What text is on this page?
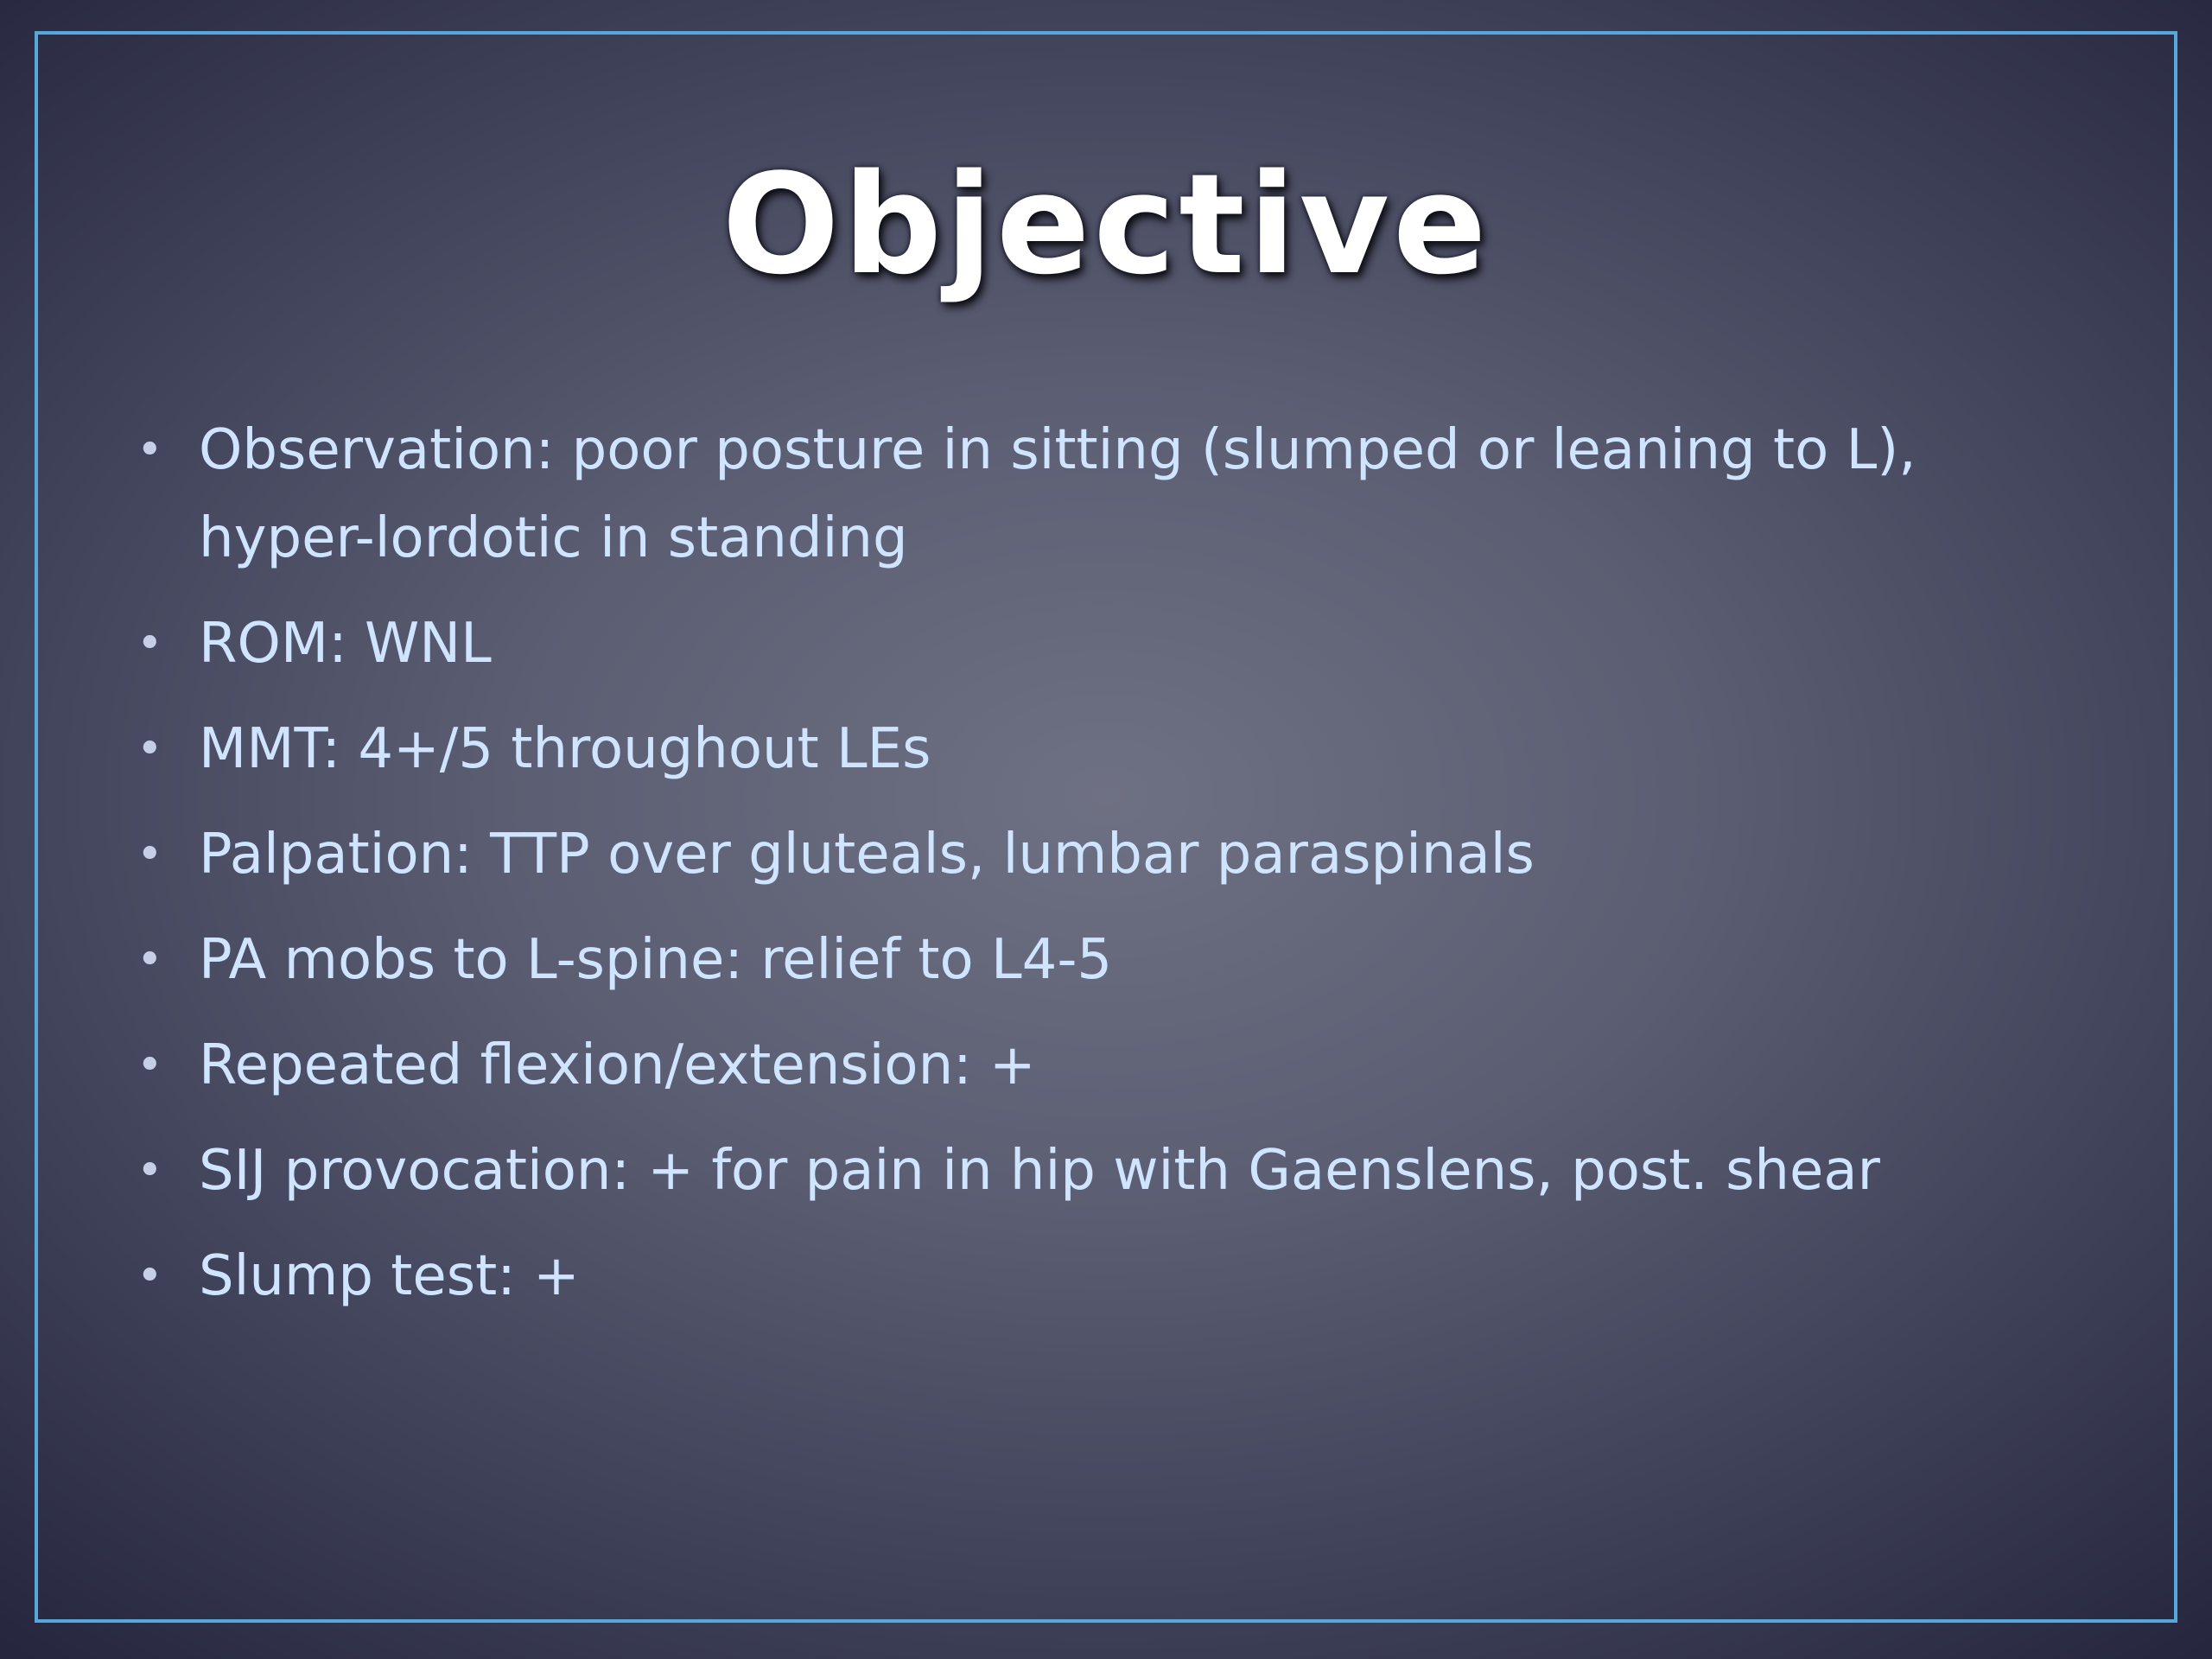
Objective
• Observation: poor posture in sitting (slumped or leaning to L), hyper-lordotic in standing
• ROM: WNL
• MMT: 4+/5 throughout LEs
• Palpation: TTP over gluteals, lumbar paraspinals
• PA mobs to L-spine: relief to L4-5
• Repeated flexion/extension: +
• SIJ provocation: + for pain in hip with Gaenslens, post. shear
• Slump test: +
